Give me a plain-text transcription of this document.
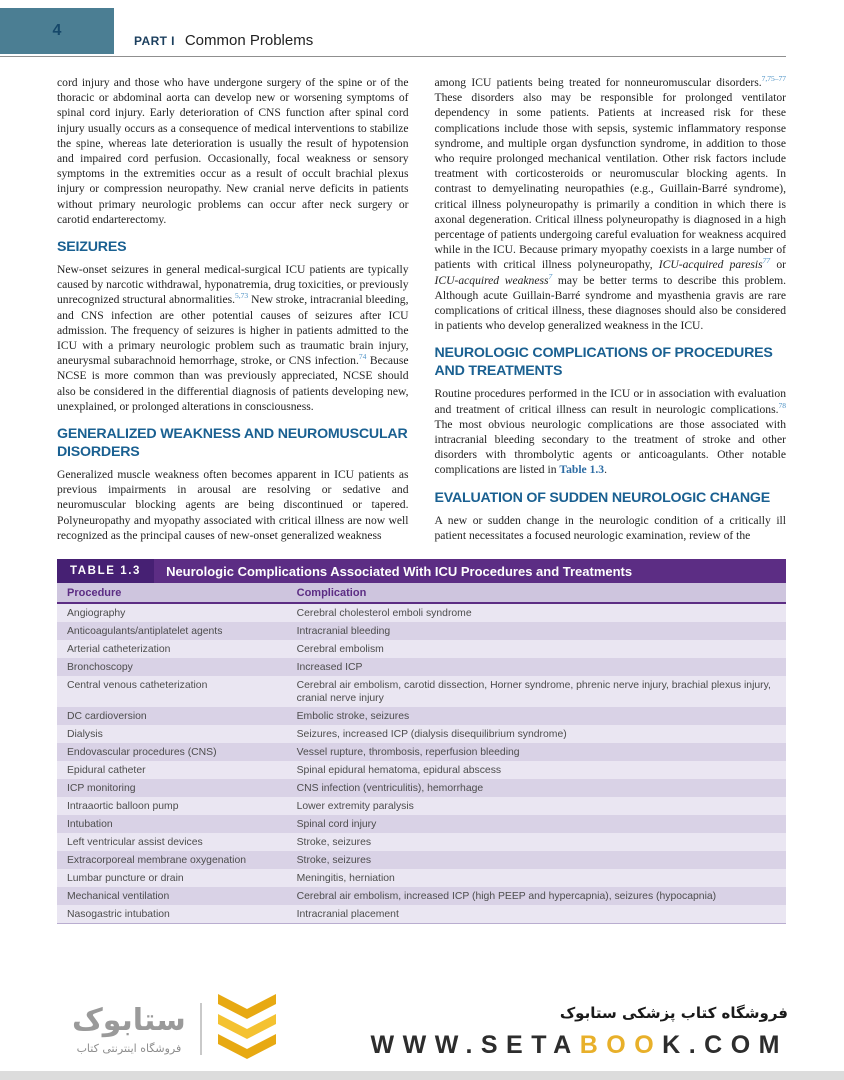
4
PART I Common Problems

cord injury and those who have undergone surgery of the spine or of the thoracic or abdominal aorta can develop new or worsening symptoms of spinal cord injury. Early deterioration of CNS function after spinal cord injury usually occurs as a consequence of medical interventions to stabilize the spine, whereas late deterioration is usually the result of hypotension and impaired cord perfusion. Occasionally, focal weakness or sensory symptoms in the extremities occur as a result of occult brachial plexus injury or compression neuropathy. New cranial nerve deficits in patients without primary neurologic problems can occur after neck surgery or carotid endarterectomy.

SEIZURES

New-onset seizures in general medical-surgical ICU patients are typically caused by narcotic withdrawal, hyponatremia, drug toxicities, or previously unrecognized structural abnormalities.$^{5,73}$ New stroke, intracranial bleeding, and CNS infection are other potential causes of seizures after ICU admission. The frequency of seizures is higher in patients admitted to the ICU with a primary neurologic problem such as traumatic brain injury, aneurysmal subarachnoid hemorrhage, stroke, or CNS infection.$^{74}$ Because NCSE is more common than was previously appreciated, NCSE should also be considered in the differential diagnosis of patients developing new, unexplained, or prolonged alterations in consciousness.

GENERALIZED WEAKNESS AND NEUROMUSCULAR DISORDERS

Generalized muscle weakness often becomes apparent in ICU patients as previous impairments in arousal are resolving or sedative and neuromuscular blocking agents are being discontinued or tapered. Polyneuropathy and myopathy associated with critical illness are now well recognized as the principal causes of new-onset generalized weakness

among ICU patients being treated for nonneuromuscular disorders.$^{7,75-77}$ These disorders also may be responsible for prolonged ventilator dependency in some patients. Patients at increased risk for these complications include those with sepsis, systemic inflammatory response syndrome, and multiple organ dysfunction syndrome, in addition to those who require prolonged mechanical ventilation. Other risk factors include treatment with corticosteroids or neuromuscular blocking agents. In contrast to demyelinating neuropathies (e.g., Guillain-Barré syndrome), critical illness polyneuropathy is primarily a condition in which there is axonal degeneration. Critical illness polyneuropathy is diagnosed in a high percentage of patients undergoing careful evaluation for weakness acquired while in the ICU. Because primary myopathy coexists in a large number of patients with critical illness polyneuropathy, ICU-acquired paresis$^{77}$ or ICU-acquired weakness$^7$ may be better terms to describe this problem. Although acute Guillain-Barré syndrome and myasthenia gravis are rare complications of critical illness, these diagnoses should also be considered in patients who develop generalized weakness in the ICU.

NEUROLOGIC COMPLICATIONS OF PROCEDURES AND TREATMENTS

Routine procedures performed in the ICU or in association with evaluation and treatment of critical illness can result in neurologic complications.$^{78}$ The most obvious neurologic complications are those associated with intracranial bleeding secondary to the treatment of stroke and other disorders with thrombolytic agents or anticoagulants. Other notable complications are listed in Table 1.3.

EVALUATION OF SUDDEN NEUROLOGIC CHANGE

A new or sudden change in the neurologic condition of a critically ill patient necessitates a focused neurologic examination, review of the

TABLE 1.3	Neurologic Complications Associated With ICU Procedures and Treatments
Procedure	Complication
Angiography	Cerebral cholesterol emboli syndrome
Anticoagulants/antiplatelet agents	Intracranial bleeding
Arterial catheterization	Cerebral embolism
Bronchoscopy	Increased ICP
Central venous catheterization	Cerebral air embolism, carotid dissection, Horner syndrome, phrenic nerve injury, brachial plexus injury, cranial nerve injury
DC cardioversion	Embolic stroke, seizures
Dialysis	Seizures, increased ICP (dialysis disequilibrium syndrome)
Endovascular procedures (CNS)	Vessel rupture, thrombosis, reperfusion bleeding
Epidural catheter	Spinal epidural hematoma, epidural abscess
ICP monitoring	CNS infection (ventriculitis), hemorrhage
Intraaortic balloon pump	Lower extremity paralysis
Intubation	Spinal cord injury
Left ventricular assist devices	Stroke, seizures
Extracorporeal membrane oxygenation	Stroke, seizures
Lumbar puncture or drain	Meningitis, herniation
Mechanical ventilation	Cerebral air embolism, increased ICP (high PEEP and hypercapnia), seizures (hypocapnia)
Nasogastric intubation	Intracranial placement
ستابوک
فروشگاه اینترنتی کتاب
فروشگاه کتاب پزشکی ستابوک
WWW.SETABOOK.COM
